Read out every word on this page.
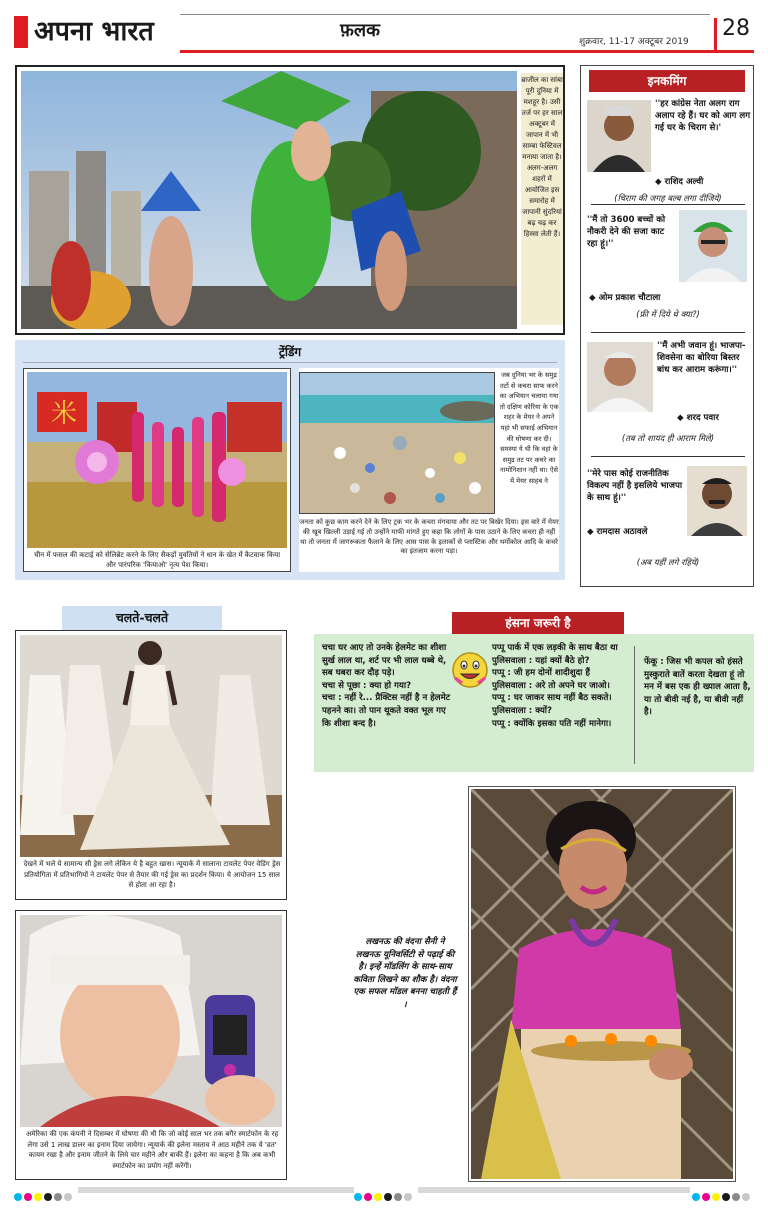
अपना भारत	फ़लक
शुक्रवार, 11-17 अक्टूबर 2019
28
ब्राजील का सांबा पूरी दुनिया में मशहूर है। उसी तर्ज पर हर साल अक्टूबर में जापान में भी साम्बा फेस्टिवल मनाया जाता है। अलग-अलग शहरों में आयोजित इस समारोह में जापानी सुंदरियां बढ़ चढ़ कर हिस्सा लेती हैं।
ट्रेंडिंग
米
चीन में फसल की कटाई को सेलिब्रेट करने के लिए सैकड़ों युवतियों ने धान के खेत में कैटवाक किया और पारंपरिक 'कियाओ' नृत्य पेश किया।
जब दुनिया भर के समुद्र तटों से कचरा साफ करने का अभियान चलाया गया तो दक्षिण कोरिया के एक शहर के मेयर ने अपने यहां भी सफाई अभियान की घोषणा कर दी। समस्या ये थी कि वहां के समुद्र तट पर कचरे का नामोनिशान नहीं था। ऐसे में मेयर साहब ने
जनता को कुछ काम करने देने के लिए ट्रक भर के कचरा मंगवाया और तट पर बिखेर दिया। इस बारे में मेयर की खूब खिल्ली उड़ाई गई तो उन्होंने माफी मांगते हुए कहा कि लोगों के पास उठाने के लिए कचरा ही नहीं था तो जनता में जागरूकता फैलाने के लिए आस पास के इलाकों से प्लास्टिक और थर्मोकोल आदि के कचरे का इंतजाम करना पड़ा।
इनकमिंग
''हर कांग्रेस नेता अलग राग अलाप रहे हैं। घर को आग लग गई घर के चिराग से।'
◆ राशिद अल्वी
(चिराग की जगह बल्ब लगा दीजिये)
''मैं तो 3600 बच्चों को नौकरी देने की सजा काट रहा हूं।''
◆ ओम प्रकाश चौटाला
(फ्री में दिये थे क्या?)
''मैं अभी जवान हूं। भाजपा-शिवसेना का बोरिया बिस्तर बांध कर आराम करूंगा।''
◆ शरद पवार
(तब तो शायद ही आराम मिले)
''मेरे पास कोई राजनीतिक विकल्प नहीं है इसलिये भाजपा के साथ हूं।''
◆ रामदास अठावले
(अब यहीं लगे रहिये)
चलते-चलते
देखने में भले ये सामान्य सी ड्रेस लगे लेकिन ये है बहुत खास। न्यूयार्क में सालाना टायलेट पेपर वेडिंग ड्रेस प्रतियोगिता में प्रतिभागियों ने टायलेट पेपर से तैयार की गई ड्रेस का प्रदर्शन किया। ये आयोजन 15 साल से होता आ रहा है।
अमेरिका की एक कंपनी ने दिसम्बर में घोषणा की थी कि जो कोई साल भर तक बगैर स्मार्टफोन के रह लेगा उसे 1 लाख डालर का इनाम दिया जायेगा। न्यूयार्क की इलेना मस्ताव ने आठ महीने तक ये 'व्रत' कायम रखा है और इनाम जीतने के लिये चार महीने और बाकी हैं। इलेना का कहना है कि अब कभी स्मार्टफोन का प्रयोग नहीं करेंगी।
हंसना जरूरी है
चचा घर आए तो उनके हेलमेट का शीशा सुर्ख लाल था, शर्ट पर भी लाल धब्बे थे, सब घबरा कर दौड़ पड़े।
चचा से पूछा : क्या हो गया?
चचा : नहीं रे... प्रैक्टिस नहीं है न हेलमेट पहनने का। तो पान थूकते वक्त भूल गए कि शीशा बन्द है।
पप्पू पार्क में एक लड़की के साथ बैठा था
पुलिसवाला : यहां क्यों बैठे हो?
पप्पू : जी हम दोनों शादीशुदा हैं
पुलिसवाला : अरे तो अपने घर जाओ।
पप्पू : घर जाकर साथ नहीं बैठ सकते।
पुलिसवाला : क्यों?
पप्पू : क्योंकि इसका पति नहीं मानेगा।
फेंकू : जिस भी कपल को हंसते मुस्कुराते बातें करता देखता हूं तो मन में बस एक ही ख्याल आता है, या तो बीवी नई है, या बीवी नहीं है।
लखनऊ की वंदना सैनी ने लखनऊ यूनिवर्सिटी से पढ़ाई की है। इन्हें मॉडलिंग के साथ-साथ कविता लिखने का शौक है। वंदना एक सफल मॉडल बनना चाहती हैं ।
